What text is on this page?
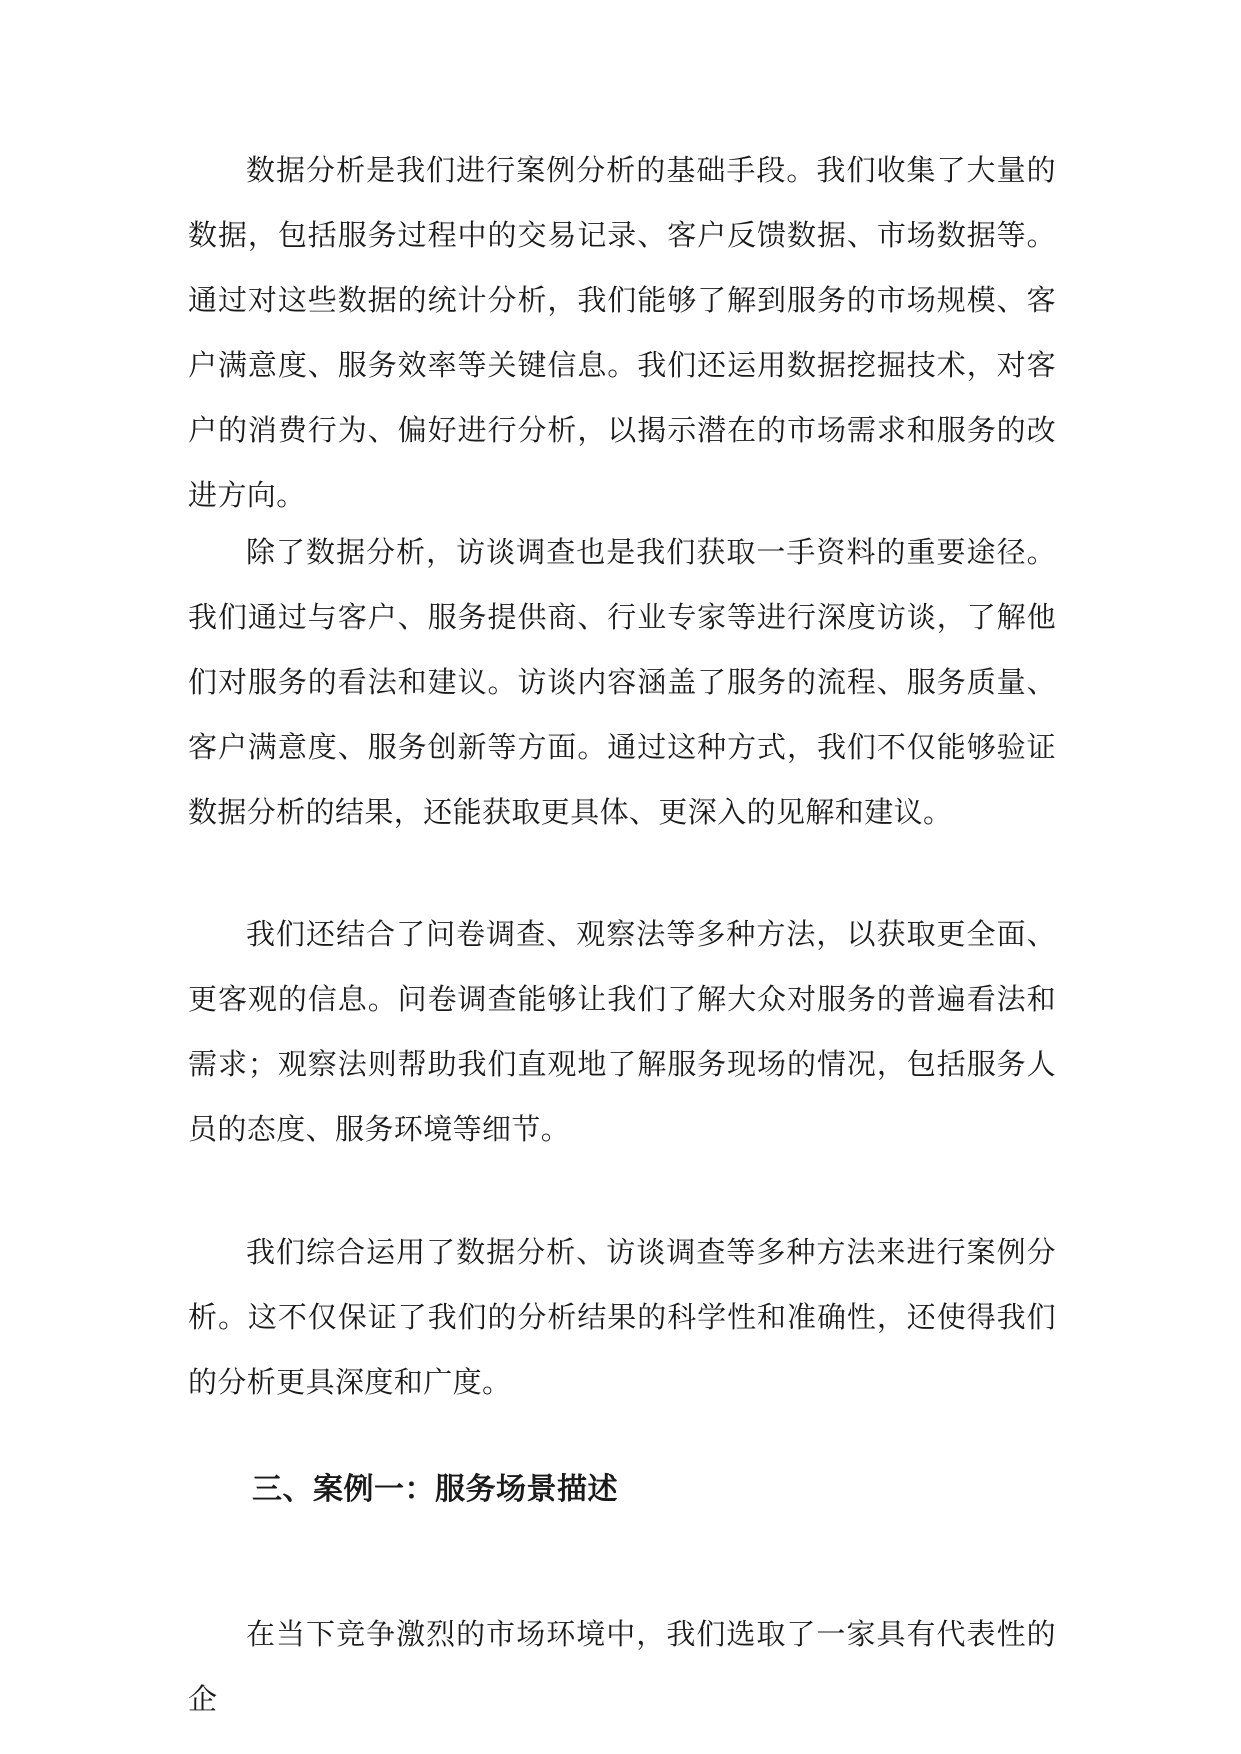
数据分析是我们进行案例分析的基础手段。我们收集了大量的数据，包括服务过程中的交易记录、客户反馈数据、市场数据等。通过对这些数据的统计分析，我们能够了解到服务的市场规模、客户满意度、服务效率等关键信息。我们还运用数据挖掘技术，对客户的消费行为、偏好进行分析，以揭示潜在的市场需求和服务的改进方向。

除了数据分析，访谈调查也是我们获取一手资料的重要途径。我们通过与客户、服务提供商、行业专家等进行深度访谈，了解他们对服务的看法和建议。访谈内容涵盖了服务的流程、服务质量、客户满意度、服务创新等方面。通过这种方式，我们不仅能够验证数据分析的结果，还能获取更具体、更深入的见解和建议。

我们还结合了问卷调查、观察法等多种方法，以获取更全面、更客观的信息。问卷调查能够让我们了解大众对服务的普遍看法和需求；观察法则帮助我们直观地了解服务现场的情况，包括服务人员的态度、服务环境等细节。

我们综合运用了数据分析、访谈调查等多种方法来进行案例分析。这不仅保证了我们的分析结果的科学性和准确性，还使得我们的分析更具深度和广度。

三、案例一：服务场景描述

在当下竞争激烈的市场环境中，我们选取了一家具有代表性的企
